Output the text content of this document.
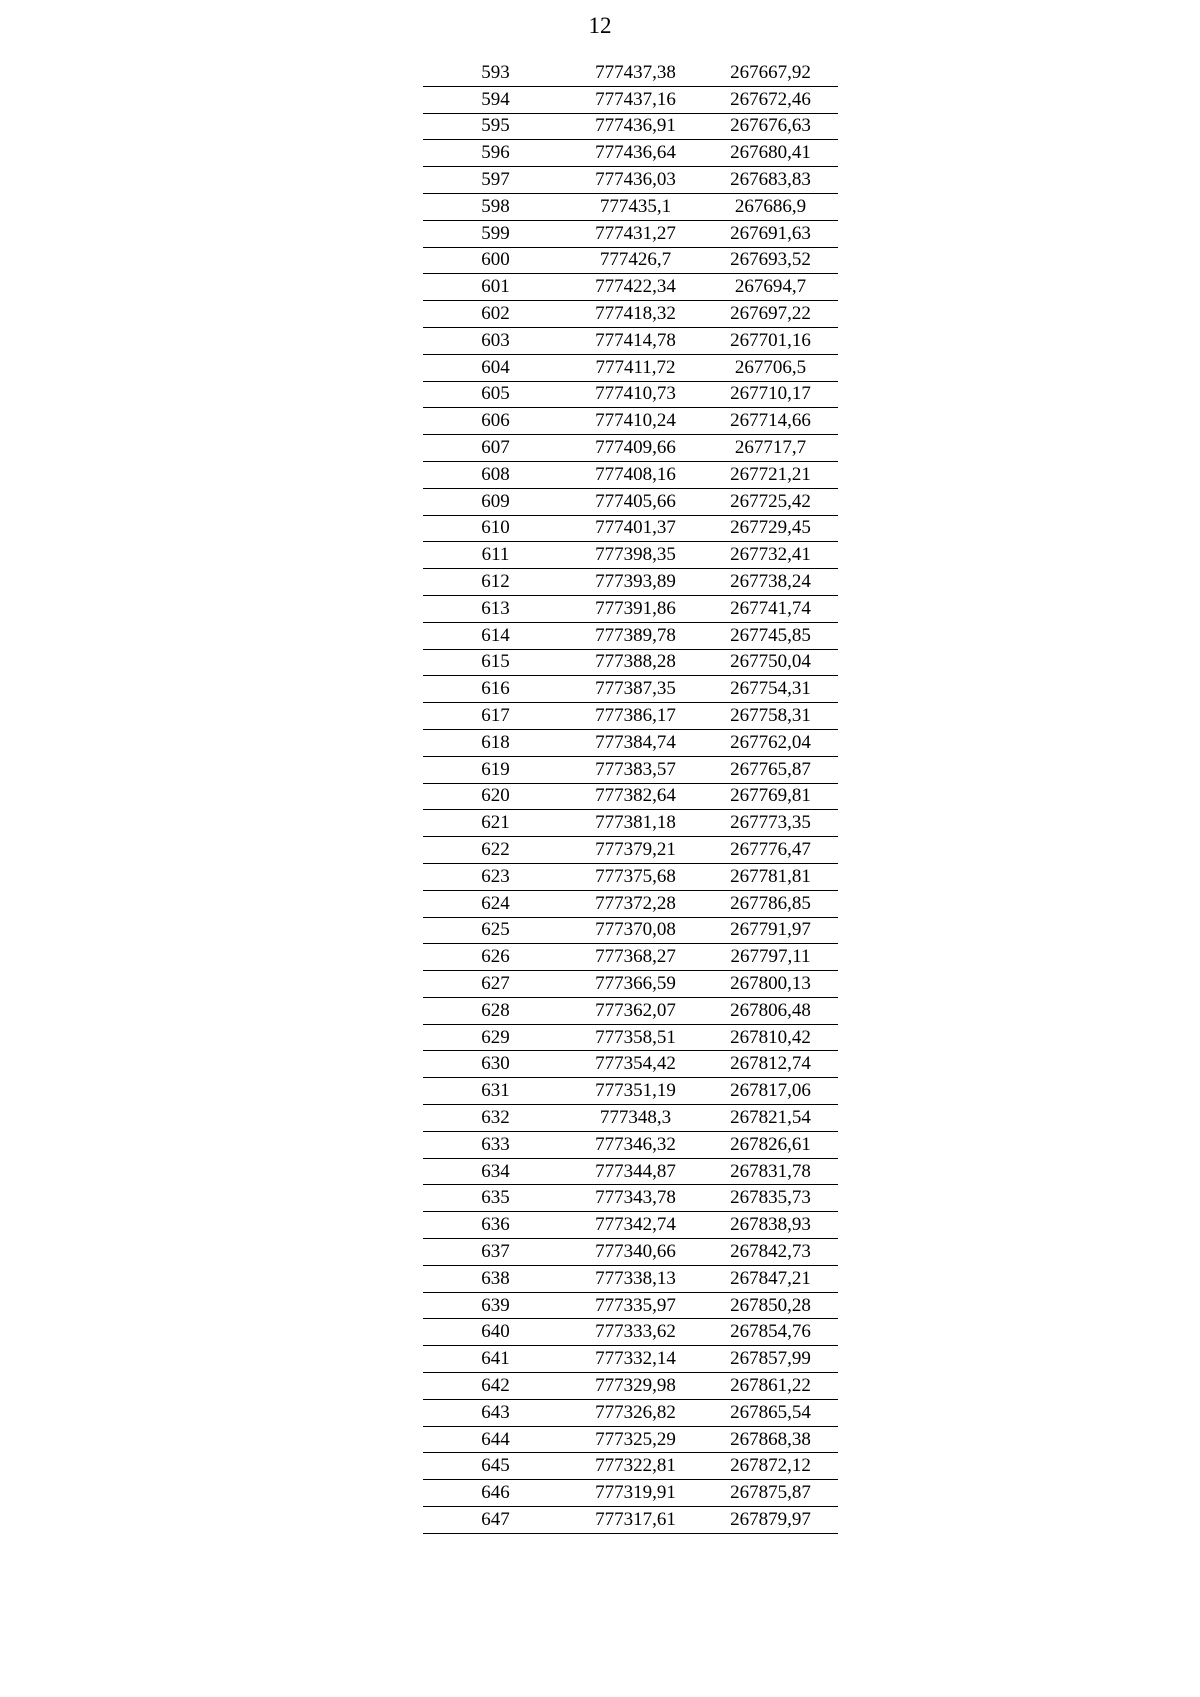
12
593	777437,38	267667,92
594	777437,16	267672,46
595	777436,91	267676,63
596	777436,64	267680,41
597	777436,03	267683,83
598	777435,1	267686,9
599	777431,27	267691,63
600	777426,7	267693,52
601	777422,34	267694,7
602	777418,32	267697,22
603	777414,78	267701,16
604	777411,72	267706,5
605	777410,73	267710,17
606	777410,24	267714,66
607	777409,66	267717,7
608	777408,16	267721,21
609	777405,66	267725,42
610	777401,37	267729,45
611	777398,35	267732,41
612	777393,89	267738,24
613	777391,86	267741,74
614	777389,78	267745,85
615	777388,28	267750,04
616	777387,35	267754,31
617	777386,17	267758,31
618	777384,74	267762,04
619	777383,57	267765,87
620	777382,64	267769,81
621	777381,18	267773,35
622	777379,21	267776,47
623	777375,68	267781,81
624	777372,28	267786,85
625	777370,08	267791,97
626	777368,27	267797,11
627	777366,59	267800,13
628	777362,07	267806,48
629	777358,51	267810,42
630	777354,42	267812,74
631	777351,19	267817,06
632	777348,3	267821,54
633	777346,32	267826,61
634	777344,87	267831,78
635	777343,78	267835,73
636	777342,74	267838,93
637	777340,66	267842,73
638	777338,13	267847,21
639	777335,97	267850,28
640	777333,62	267854,76
641	777332,14	267857,99
642	777329,98	267861,22
643	777326,82	267865,54
644	777325,29	267868,38
645	777322,81	267872,12
646	777319,91	267875,87
647	777317,61	267879,97
